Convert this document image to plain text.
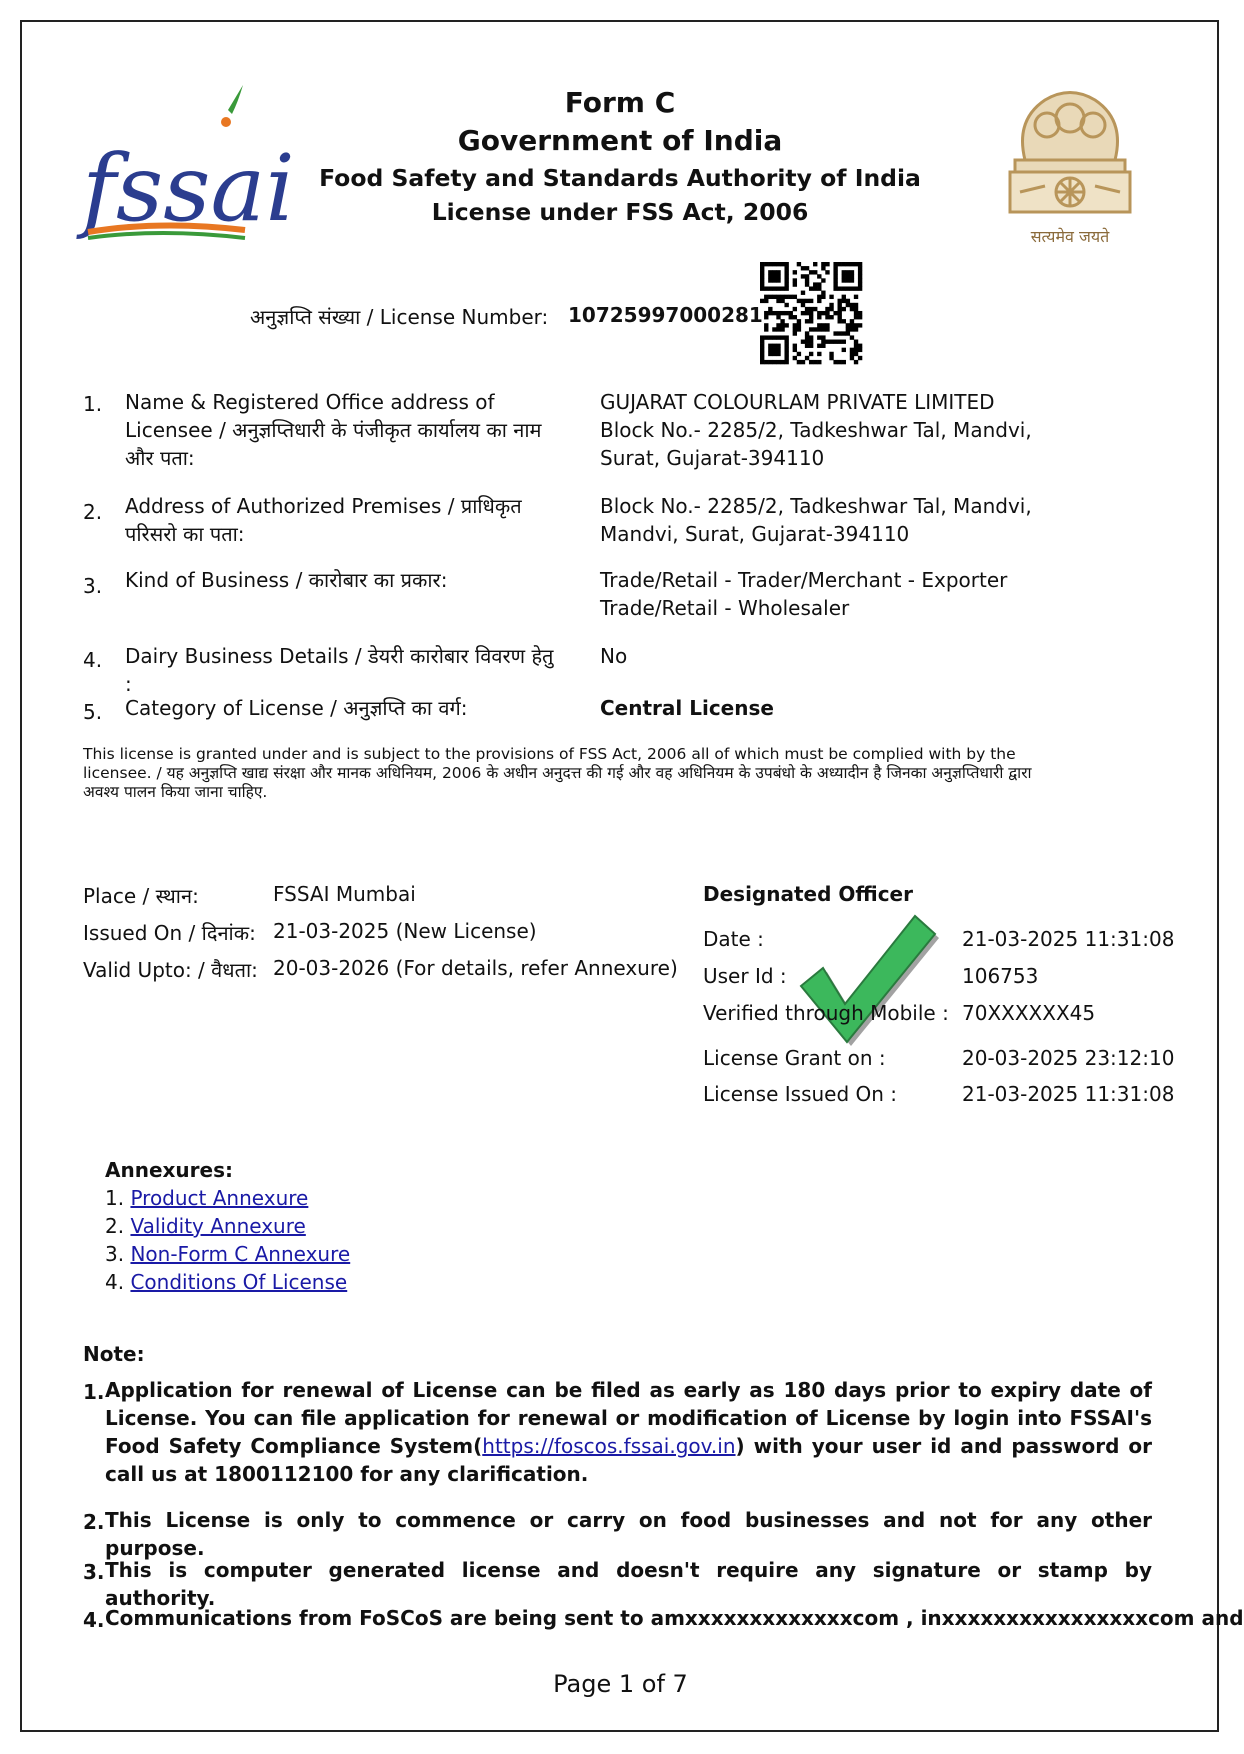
fssai
Form C
Government of India
Food Safety and Standards Authority of India
License under FSS Act, 2006
सत्यमेव जयते
अनुज्ञप्ति संख्या / License Number: 10725997000281
1. Name & Registered Office address of Licensee / अनुज्ञप्तिधारी के पंजीकृत कार्यालय का नाम और पता:
GUJARAT COLOURLAM PRIVATE LIMITED
Block No.- 2285/2, Tadkeshwar Tal, Mandvi,
Surat, Gujarat-394110
2. Address of Authorized Premises / प्राधिकृत परिसरो का पता:
Block No.- 2285/2, Tadkeshwar Tal, Mandvi,
Mandvi, Surat, Gujarat-394110
3. Kind of Business / कारोबार का प्रकार:	Trade/Retail - Trader/Merchant - Exporter
Trade/Retail - Wholesaler
4. Dairy Business Details / डेयरी कारोबार विवरण हेतु :
No
5. Category of License / अनुज्ञप्ति का वर्ग:	Central License
This license is granted under and is subject to the provisions of FSS Act, 2006 all of which must be complied with by the licensee. / यह अनुज्ञप्ति खाद्य संरक्षा और मानक अधिनियम, 2006 के अधीन अनुदत्त की गई और वह अधिनियम के उपबंधो के अध्यादीन है जिनका अनुज्ञप्तिधारी द्वारा अवश्य पालन किया जाना चाहिए.
Place / स्थान:	FSSAI Mumbai
Issued On / दिनांक: 21-03-2025 (New License)
Valid Upto: / वैधता: 20-03-2026 (For details, refer Annexure)
Designated Officer
Date :	21-03-2025 11:31:08
User Id :	106753
Verified through Mobile : 70XXXXXX45
License Grant on :	20-03-2025 23:12:10
License Issued On :	21-03-2025 11:31:08
Annexures:
1. Product Annexure
2. Validity Annexure
3. Non-Form C Annexure
4. Conditions Of License
Note:
1. Application for renewal of License can be filed as early as 180 days prior to expiry date of License. You can file application for renewal or modification of License by login into FSSAI's Food Safety Compliance System(https://foscos.fssai.gov.in) with your user id and password or call us at 1800112100 for any clarification.
2. This License is only to commence or carry on food businesses and not for any other purpose.
3. This is computer generated license and doesn't require any signature or stamp by authority.
4. Communications from FoSCoS are being sent to amxxxxxxxxxxxxxcom , inxxxxxxxxxxxxxxxxcom and
Page 1 of 7
